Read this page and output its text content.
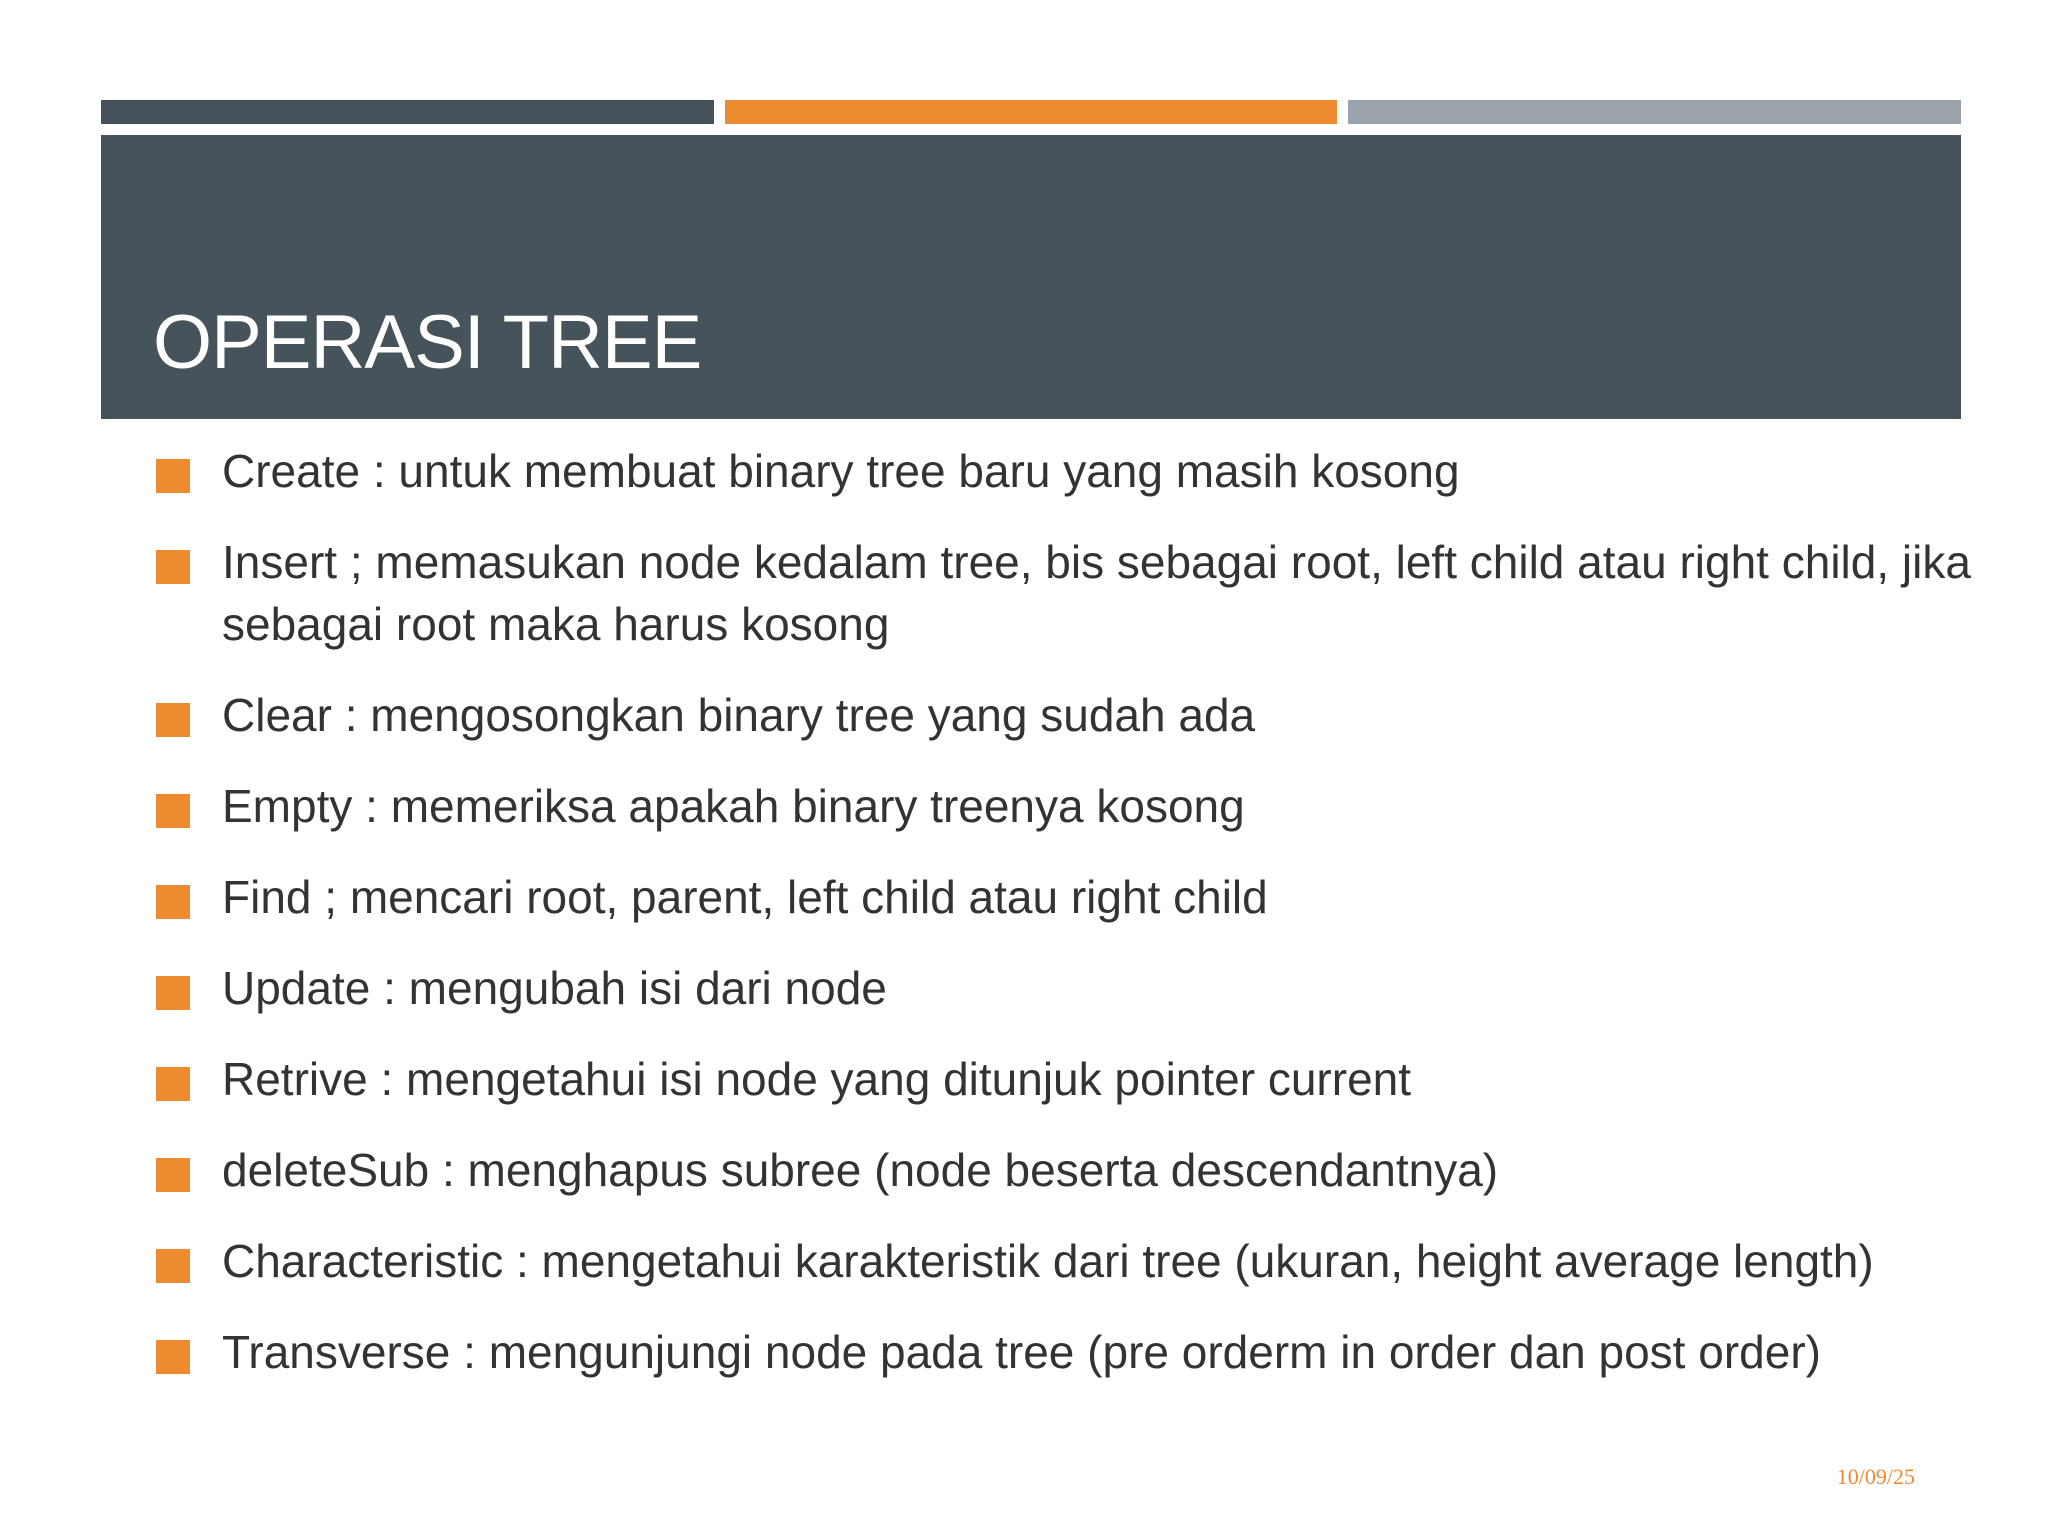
OPERASI TREE
Create : untuk membuat binary tree baru yang masih kosong
Insert ; memasukan node kedalam tree, bis sebagai root, left child atau right child, jika sebagai root maka harus kosong
Clear : mengosongkan binary tree yang sudah ada
Empty : memeriksa apakah binary treenya kosong
Find ; mencari root, parent, left child atau right child
Update : mengubah isi dari node
Retrive : mengetahui isi node yang ditunjuk pointer current
deleteSub : menghapus subree (node beserta descendantnya)
Characteristic : mengetahui karakteristik dari tree (ukuran, height average length)
Transverse : mengunjungi node pada tree (pre orderm in order dan post order)
10/09/25
